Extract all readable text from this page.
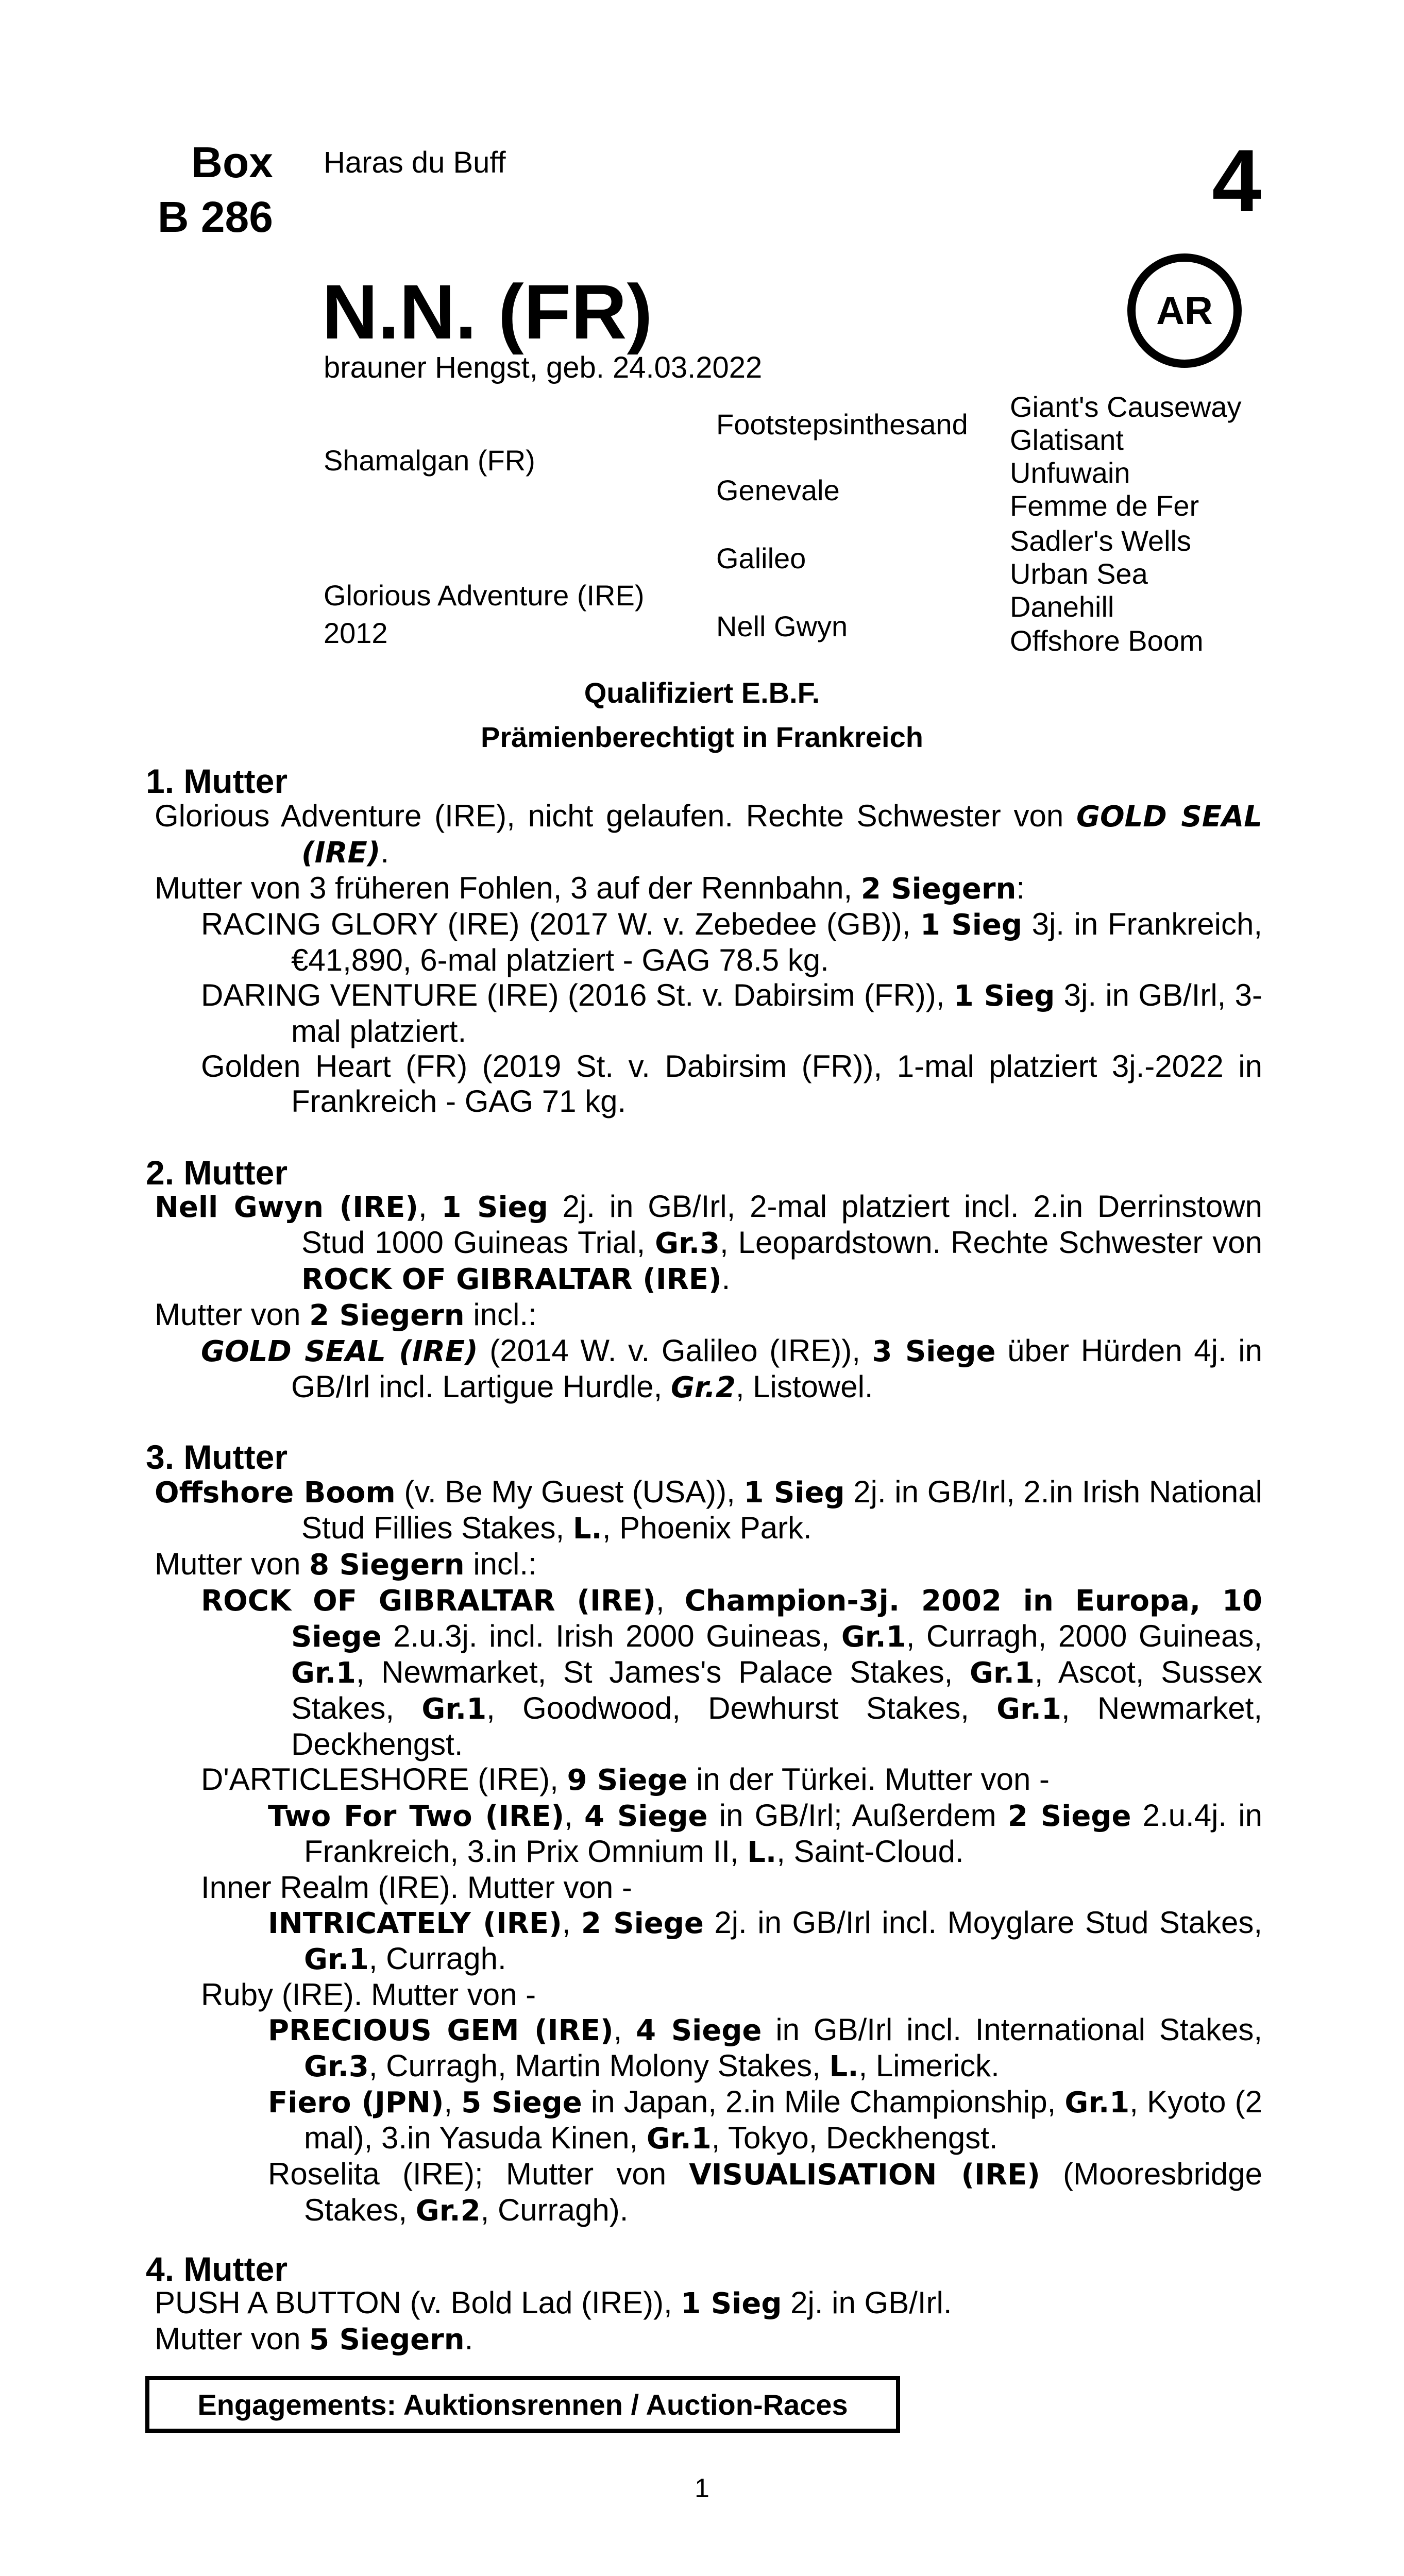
Box
B 286
Haras du Buff	4
AR
N.N. (FR)
brauner Hengst, geb. 24.03.2022
Shamalgan (FR)
Glorious Adventure (IRE)
2012
Footstepsinthesand
Genevale
Galileo
Nell Gwyn
Giant's Causeway
Glatisant
Unfuwain
Femme de Fer
Sadler's Wells
Urban Sea
Danehill
Offshore Boom
Qualifiziert E.B.F.
Prämienberechtigt in Frankreich
1. Mutter

Glorious Adventure (IRE), nicht gelaufen. Rechte Schwester von GOLD SEAL (IRE).

Mutter von 3 früheren Fohlen, 3 auf der Rennbahn, 2 Siegern:

RACING GLORY (IRE) (2017 W. v. Zebedee (GB)), 1 Sieg 3j. in Frankreich, €41,890, 6-mal platziert - GAG 78.5 kg.

DARING VENTURE (IRE) (2016 St. v. Dabirsim (FR)), 1 Sieg 3j. in GB/Irl, 3-mal platziert.

Golden Heart (FR) (2019 St. v. Dabirsim (FR)), 1-mal platziert 3j.-2022 in Frankreich - GAG 71 kg.

2. Mutter

Nell Gwyn (IRE), 1 Sieg 2j. in GB/Irl, 2-mal platziert incl. 2.in Derrinstown Stud 1000 Guineas Trial, Gr.3, Leopardstown. Rechte Schwester von ROCK OF GIBRALTAR (IRE).

Mutter von 2 Siegern incl.:

GOLD SEAL (IRE) (2014 W. v. Galileo (IRE)), 3 Siege über Hürden 4j. in GB/Irl incl. Lartigue Hurdle, Gr.2, Listowel.

3. Mutter

Offshore Boom (v. Be My Guest (USA)), 1 Sieg 2j. in GB/Irl, 2.in Irish National Stud Fillies Stakes, L., Phoenix Park.

Mutter von 8 Siegern incl.:

ROCK OF GIBRALTAR (IRE), Champion-3j. 2002 in Europa, 10 Siege 2.u.3j. incl. Irish 2000 Guineas, Gr.1, Curragh, 2000 Guineas, Gr.1, Newmarket, St James's Palace Stakes, Gr.1, Ascot, Sussex Stakes, Gr.1, Goodwood, Dewhurst Stakes, Gr.1, Newmarket, Deckhengst.

D'ARTICLESHORE (IRE), 9 Siege in der Türkei. Mutter von -

Two For Two (IRE), 4 Siege in GB/Irl; Außerdem 2 Siege 2.u.4j. in Frankreich, 3.in Prix Omnium II, L., Saint-Cloud.

Inner Realm (IRE). Mutter von -

INTRICATELY (IRE), 2 Siege 2j. in GB/Irl incl. Moyglare Stud Stakes, Gr.1, Curragh.

Ruby (IRE). Mutter von -

PRECIOUS GEM (IRE), 4 Siege in GB/Irl incl. International Stakes, Gr.3, Curragh, Martin Molony Stakes, L., Limerick.

Fiero (JPN), 5 Siege in Japan, 2.in Mile Championship, Gr.1, Kyoto (2 mal), 3.in Yasuda Kinen, Gr.1, Tokyo, Deckhengst.

Roselita (IRE); Mutter von VISUALISATION (IRE) (Mooresbridge Stakes, Gr.2, Curragh).

4. Mutter

PUSH A BUTTON (v. Bold Lad (IRE)), 1 Sieg 2j. in GB/Irl.

Mutter von 5 Siegern.

Engagements: Auktionsrennen / Auction-Races
1
